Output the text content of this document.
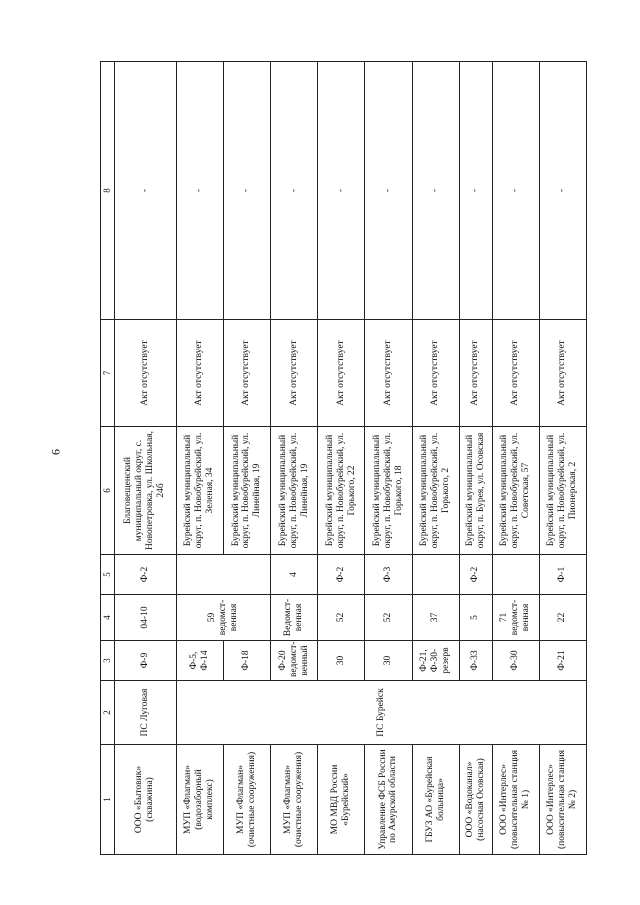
6
1	2	3	4	5	6	7	8
ООО «Бытовик» (скважина)	ПС Луговая	Ф-9	04-10	Ф-2	Благовещенский муниципальный округ, с. Новопетровка, ул. Школьная, 24б	Акт отсутствует	-
МУП «Флагман» (водозаборный комплекс)	ПС Бурейск	Ф-5, Ф-14	59 ведомст-венная		Бурейский муниципальный округ, п. Новобурейский, ул. Зеленая, 34	Акт отсутствует	-
МУП «Флагман» (очистные сооружения)		Ф-18			Бурейский муниципальный округ, п. Новобурейский, ул. Линейная, 19	Акт отсутствует	-
МУП «Флагман» (очистные сооружения)		Ф-20 ведомст-венный	Ведомст-венная	4	Бурейский муниципальный округ, п. Новобурейский, ул. Линейная, 19	Акт отсутствует	-
МО МВД России «Бурейский»		30	52	Ф-2	Бурейский муниципальный округ, п. Новобурейский, ул. Горького, 22	Акт отсутствует	-
Управление ФСБ России по Амурской области		30	52	Ф-3	Бурейский муниципальный округ, п. Новобурейский, ул. Горького, 18	Акт отсутствует	-
ГБУЗ АО «Бурейская больница»		Ф-21, Ф-30- резерв	37		Бурейский муниципальный округ, п. Новобурейский, ул. Горького, 2	Акт отсутствует	-
ООО «Водоканал» (насосная Осовская)		Ф-33	5	Ф-2	Бурейский муниципальный округ, п. Бурея, ул. Осовская	Акт отсутствует	-
ООО «Интерлес» (повысительная станция № 1)		Ф-30	71 ведомст-венная		Бурейский муниципальный округ, п. Новобурейский, ул. Советская, 57	Акт отсутствует	-
ООО «Интерлес» (повысительная станция № 2)		Ф-21	22	Ф-1	Бурейский муниципальный округ, п. Новобурейский, ул. Пионерская, 2	Акт отсутствует	-
